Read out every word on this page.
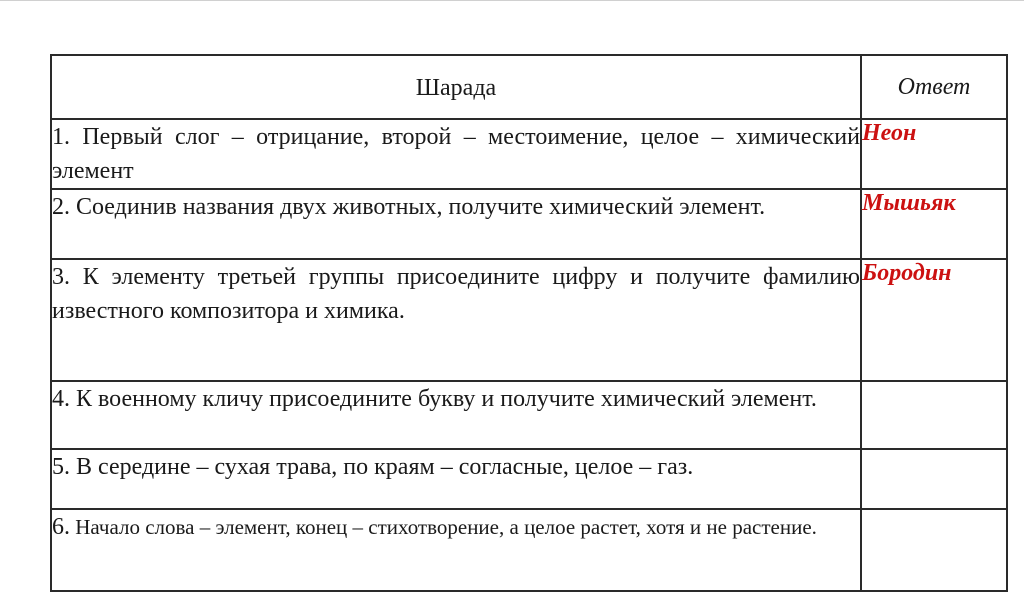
Шарада	Ответ
1. Первый слог – отрицание, второй – местоимение, целое – химический элемент	Неон
2. Соединив названия двух животных, получите химический элемент.	Мышьяк
3. К элементу третьей группы присоедините цифру и получите фамилию известного композитора и химика.	Бородин
4. К военному кличу присоедините букву и получите химический элемент.	
5. В середине – сухая трава, по краям – согласные, целое – газ.	
6. Начало слова – элемент, конец – стихотворение, а целое растет, хотя и не растение.	
